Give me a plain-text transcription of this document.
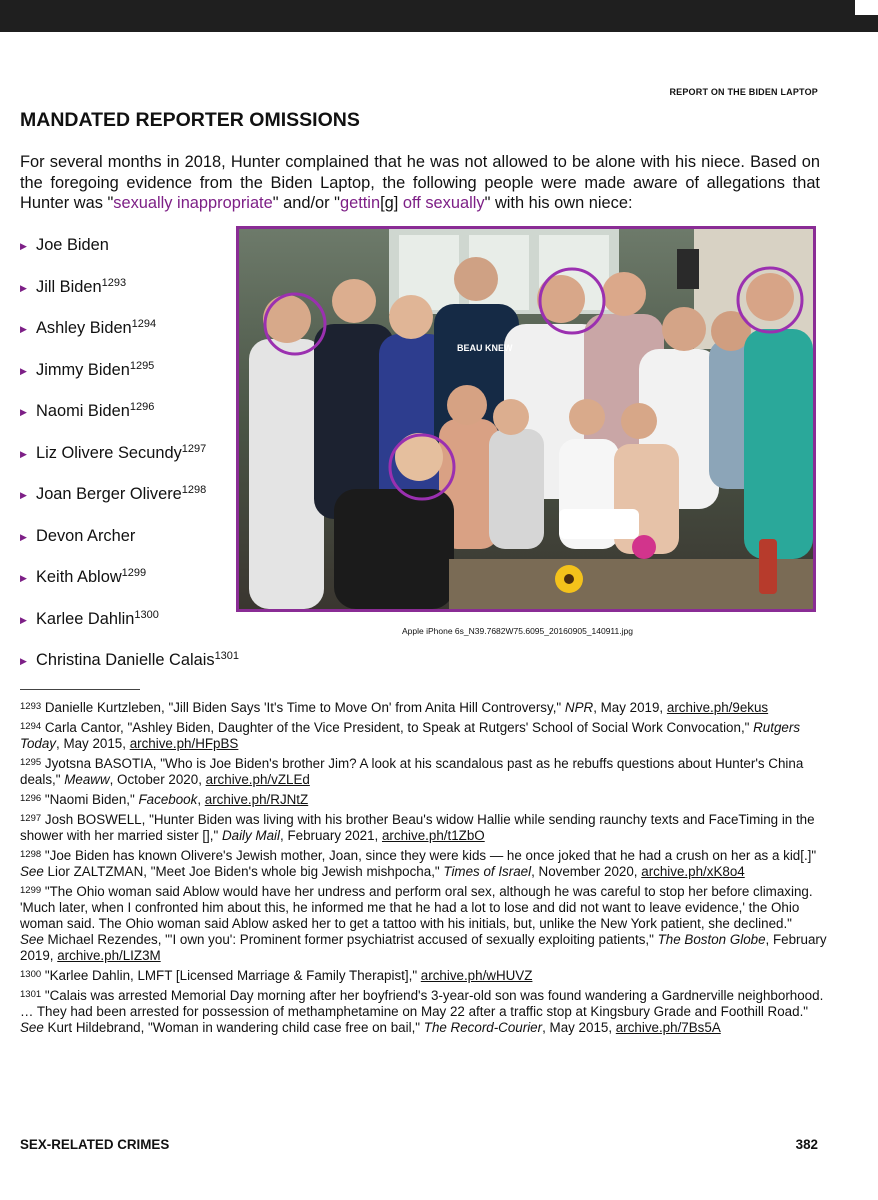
REPORT ON THE BIDEN LAPTOP
MANDATED REPORTER OMISSIONS

For several months in 2018, Hunter complained that he was not allowed to be alone with his niece. Based on the foregoing evidence from the Biden Laptop, the following people were made aware of allegations that Hunter was "sexually inappropriate" and/or "gettin[g] off sexually" with his own niece:

▶ Joe Biden
▶ Jill Biden$^{1293}$
▶ Ashley Biden$^{1294}$
▶ Jimmy Biden$^{1295}$
▶ Naomi Biden$^{1296}$
▶ Liz Olivere Secundy$^{1297}$
▶ Joan Berger Olivere$^{1298}$
▶ Devon Archer
▶ Keith Ablow$^{1299}$
▶ Karlee Dahlin$^{1300}$
▶ Christina Danielle Calais$^{1301}$
BEAU KNEW
Apple iPhone 6s_N39.7682W75.6095_20160905_140911.jpg

$^{1293}$ Danielle Kurtzleben, "Jill Biden Says 'It's Time to Move On' from Anita Hill Controversy," NPR, May 2019, archive.ph/9ekus

$^{1294}$ Carla Cantor, "Ashley Biden, Daughter of the Vice President, to Speak at Rutgers' School of Social Work Convocation," Rutgers Today, May 2015, archive.ph/HFpBS

$^{1295}$ Jyotsna BASOTIA, "Who is Joe Biden's brother Jim? A look at his scandalous past as he rebuffs questions about Hunter's China deals," Meaww, October 2020, archive.ph/vZLEd

$^{1296}$ "Naomi Biden," Facebook, archive.ph/RJNtZ

$^{1297}$ Josh BOSWELL, "Hunter Biden was living with his brother Beau's widow Hallie while sending raunchy texts and FaceTiming in the shower with her married sister []," Daily Mail, February 2021, archive.ph/t1ZbO

$^{1298}$ "Joe Biden has known Olivere's Jewish mother, Joan, since they were kids — he once joked that he had a crush on her as a kid[.]"
See Lior ZALTZMAN, "Meet Joe Biden's whole big Jewish mishpocha," Times of Israel, November 2020, archive.ph/xK8o4

$^{1299}$ "The Ohio woman said Ablow would have her undress and perform oral sex, although he was careful to stop her before climaxing. 'Much later, when I confronted him about this, he informed me that he had a lot to lose and did not want to leave evidence,' the Ohio woman said. The Ohio woman said Ablow asked her to get a tattoo with his initials, but, unlike the New York patient, she declined."
See Michael Rezendes, "'I own you': Prominent former psychiatrist accused of sexually exploiting patients," The Boston Globe, February 2019, archive.ph/LIZ3M

$^{1300}$ "Karlee Dahlin, LMFT [Licensed Marriage & Family Therapist]," archive.ph/wHUVZ

$^{1301}$ "Calais was arrested Memorial Day morning after her boyfriend's 3-year-old son was found wandering a Gardnerville neighborhood. … They had been arrested for possession of methamphetamine on May 22 after a traffic stop at Kingsbury Grade and Foothill Road."
See Kurt Hildebrand, "Woman in wandering child case free on bail," The Record-Courier, May 2015, archive.ph/7Bs5A

SEX-RELATED CRIMES	382
